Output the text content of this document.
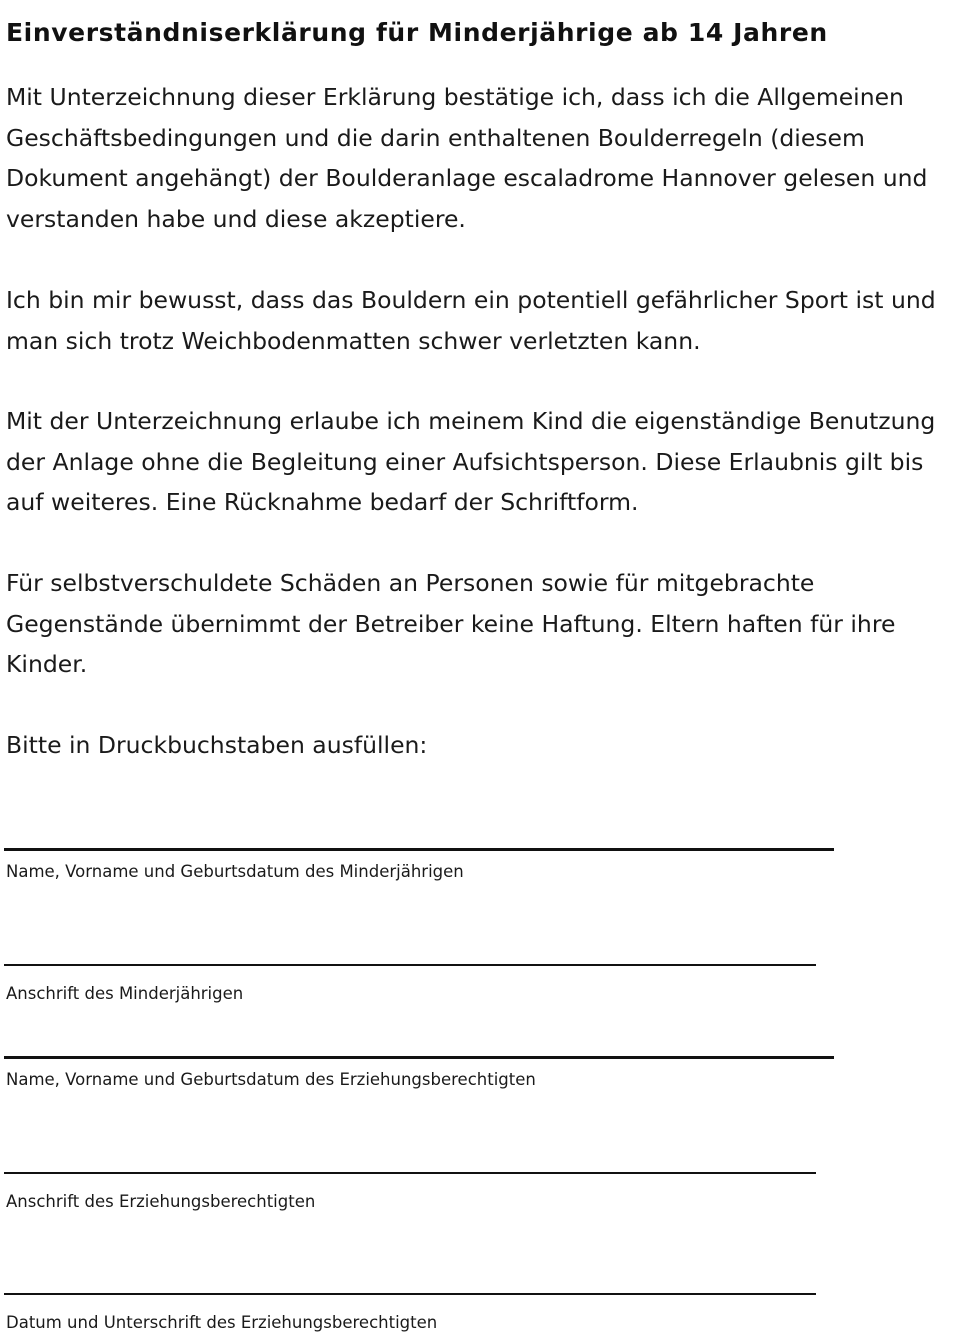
Einverständniserklärung für Minderjährige ab 14 Jahren

Mit Unterzeichnung dieser Erklärung bestätige ich, dass ich die Allgemeinen Geschäftsbedingungen und die darin enthaltenen Boulderregeln (diesem Dokument angehängt) der Boulderanlage escaladrome Hannover gelesen und verstanden habe und diese akzeptiere.

Ich bin mir bewusst, dass das Bouldern ein potentiell gefährlicher Sport ist und man sich trotz Weichbodenmatten schwer verletzten kann.

Mit der Unterzeichnung erlaube ich meinem Kind die eigenständige Benutzung der Anlage ohne die Begleitung einer Aufsichtsperson. Diese Erlaubnis gilt bis auf weiteres. Eine Rücknahme bedarf der Schriftform.

Für selbstverschuldete Schäden an Personen sowie für mitgebrachte Gegenstände übernimmt der Betreiber keine Haftung. Eltern haften für ihre Kinder.

Bitte in Druckbuchstaben ausfüllen:

Name, Vorname und Geburtsdatum des Minderjährigen
Anschrift des Minderjährigen
Name, Vorname und Geburtsdatum des Erziehungsberechtigten
Anschrift des Erziehungsberechtigten
Datum und Unterschrift des Erziehungsberechtigten
